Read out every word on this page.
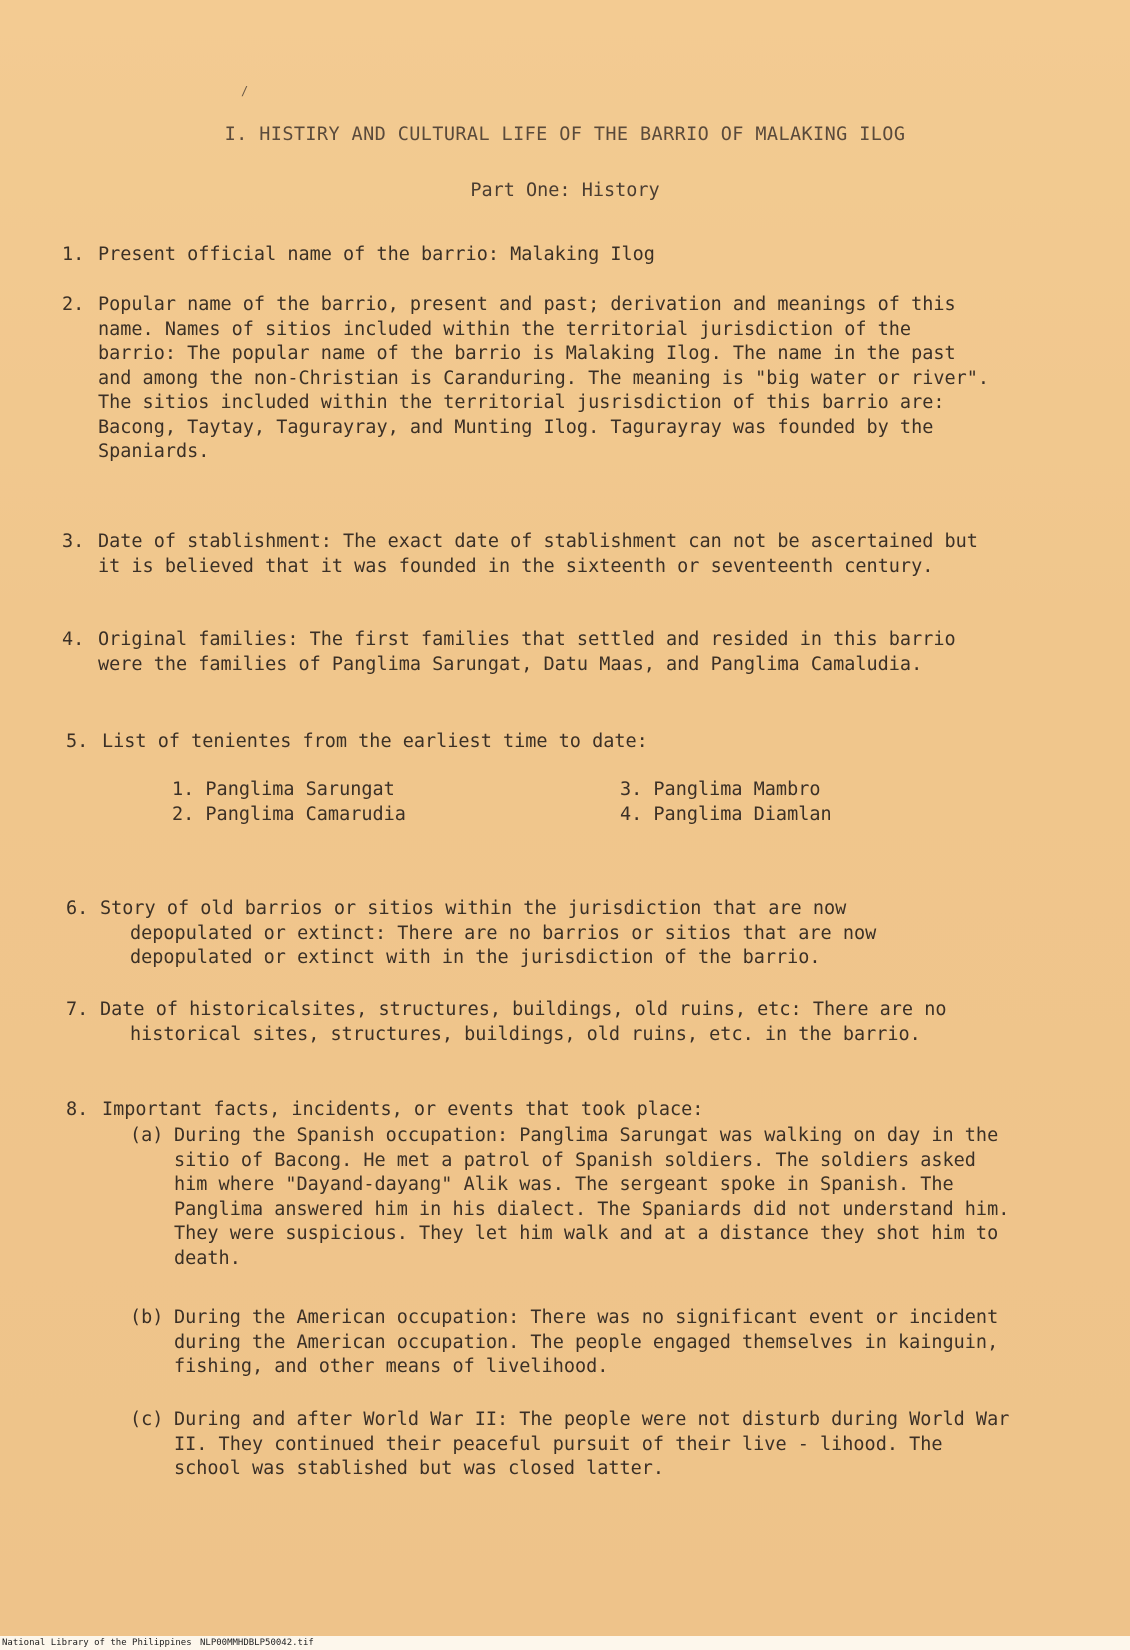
/
I. HISTIRY AND CULTURAL LIFE OF THE BARRIO OF MALAKING ILOG
Part One: History
1. Present official name of the barrio: Malaking Ilog
2. Popular name of the barrio, present and past; derivation and meanings of this name. Names of sitios included within the territorial jurisdiction of the barrio: The popular name of the barrio is Malaking Ilog. The name in the past and among the non-Christian is Caranduring. The meaning is "big water or river". The sitios included within the territorial jusrisdiction of this barrio are: Bacong, Taytay, Tagurayray, and Munting Ilog. Tagurayray was founded by the Spaniards.
3. Date of stablishment: The exact date of stablishment can not be ascertained but it is believed that it was founded in the sixteenth or seventeenth century.
4. Original families: The first families that settled and resided in this barrio were the families of Panglima Sarungat, Datu Maas, and Panglima Camaludia.
5. List of tenientes from the earliest time to date:
1. Panglima Sarungat
2. Panglima Camarudia
3. Panglima Mambro
4. Panglima Diamlan
6. Story of old barrios or sitios within the jurisdiction that are now depopulated or extinct: There are no barrios or sitios that are now depopulated or extinct with in the jurisdiction of the barrio.
7. Date of historicalsites, structures, buildings, old ruins, etc: There are no historical sites, structures, buildings, old ruins, etc. in the barrio.
8. Important facts, incidents, or events that took place:
(a) During the Spanish occupation: Panglima Sarungat was walking on day in the sitio of Bacong. He met a patrol of Spanish soldiers. The soldiers asked him where "Dayand-dayang" Alik was. The sergeant spoke in Spanish. The Panglima answered him in his dialect. The Spaniards did not understand him. They were suspicious. They let him walk and at a distance they shot him to death.
(b) During the American occupation: There was no significant event or incident during the American occupation. The people engaged themselves in kainguin, fishing, and other means of livelihood.
(c) During and after World War II: The people were not disturb during World War II. They continued their peaceful pursuit of their live - lihood. The school was stablished but was closed latter.
National Library of the Philippines NLP00MMHDBLP50042.tif
